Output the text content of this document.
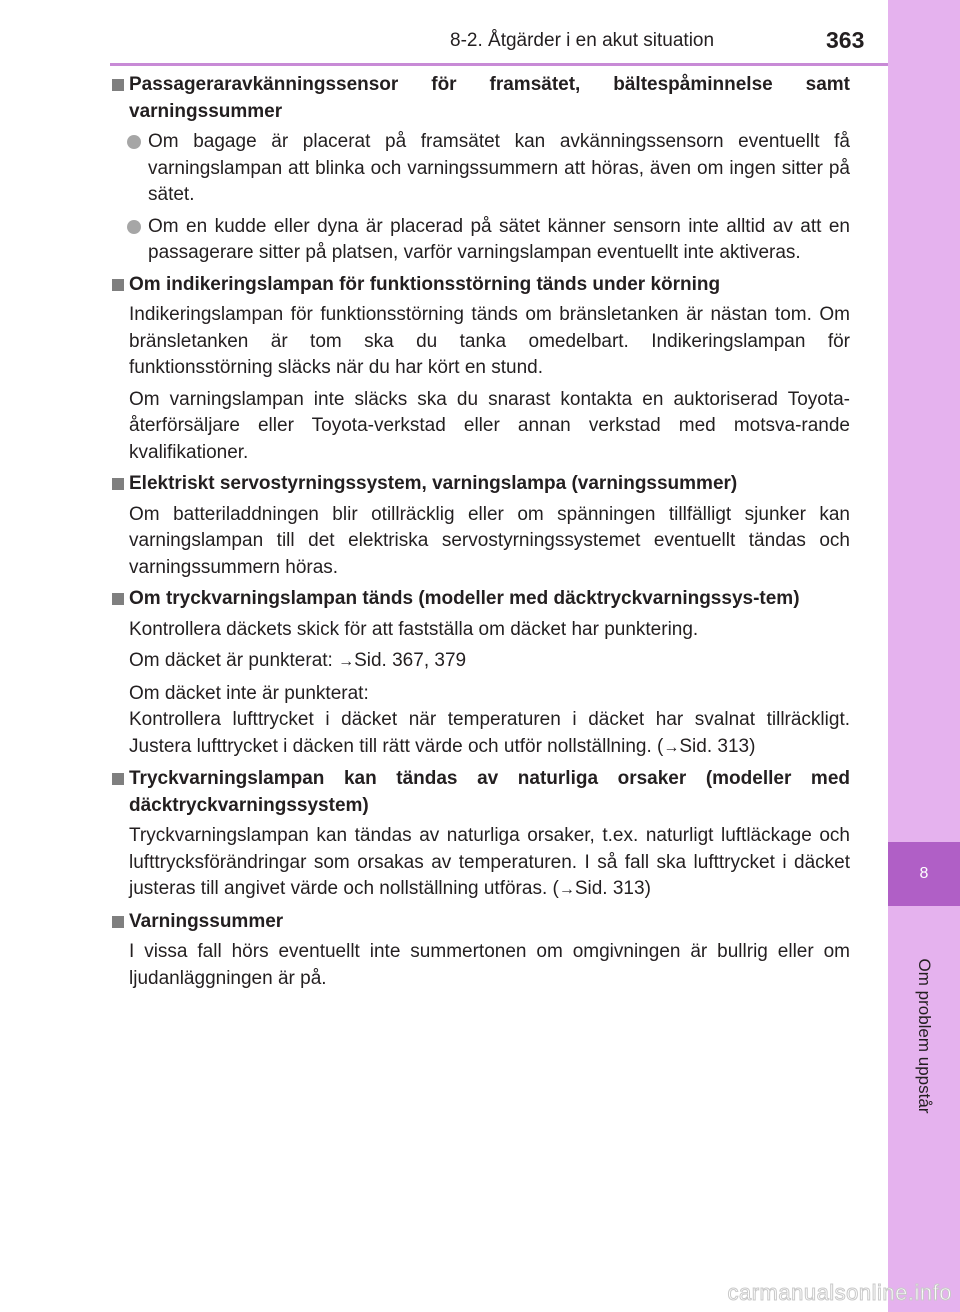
8
Om problem uppstår
8-2. Åtgärder i en akut situation	363
Passageraravkänningssensor för framsätet, bältespåminnelse samt varningssummer
Om bagage är placerat på framsätet kan avkänningssensorn eventuellt få varningslampan att blinka och varningssummern att höras, även om ingen sitter på sätet.
Om en kudde eller dyna är placerad på sätet känner sensorn inte alltid av att en passagerare sitter på platsen, varför varningslampan eventuellt inte aktiveras.
Om indikeringslampan för funktionsstörning tänds under körning
Indikeringslampan för funktionsstörning tänds om bränsletanken är nästan tom. Om bränsletanken är tom ska du tanka omedelbart. Indikeringslampan för funktionsstörning släcks när du har kört en stund.
Om varningslampan inte släcks ska du snarast kontakta en auktoriserad Toyota-återförsäljare eller Toyota-verkstad eller annan verkstad med motsva-rande kvalifikationer.
Elektriskt servostyrningssystem, varningslampa (varningssummer)
Om batteriladdningen blir otillräcklig eller om spänningen tillfälligt sjunker kan varningslampan till det elektriska servostyrningssystemet eventuellt tändas och varningssummern höras.
Om tryckvarningslampan tänds (modeller med däcktryckvarningssys-tem)
Kontrollera däckets skick för att fastställa om däcket har punktering.
Om däcket är punkterat: →Sid. 367, 379
Om däcket inte är punkterat:
Kontrollera lufttrycket i däcket när temperaturen i däcket har svalnat tillräckligt. Justera lufttrycket i däcken till rätt värde och utför nollställning. (→Sid. 313)
Tryckvarningslampan kan tändas av naturliga orsaker (modeller med däcktryckvarningssystem)
Tryckvarningslampan kan tändas av naturliga orsaker, t.ex. naturligt luftläckage och lufttrycksförändringar som orsakas av temperaturen. I så fall ska lufttrycket i däcket justeras till angivet värde och nollställning utföras. (→Sid. 313)
Varningssummer
I vissa fall hörs eventuellt inte summertonen om omgivningen är bullrig eller om ljudanläggningen är på.
carmanualsonline.info
